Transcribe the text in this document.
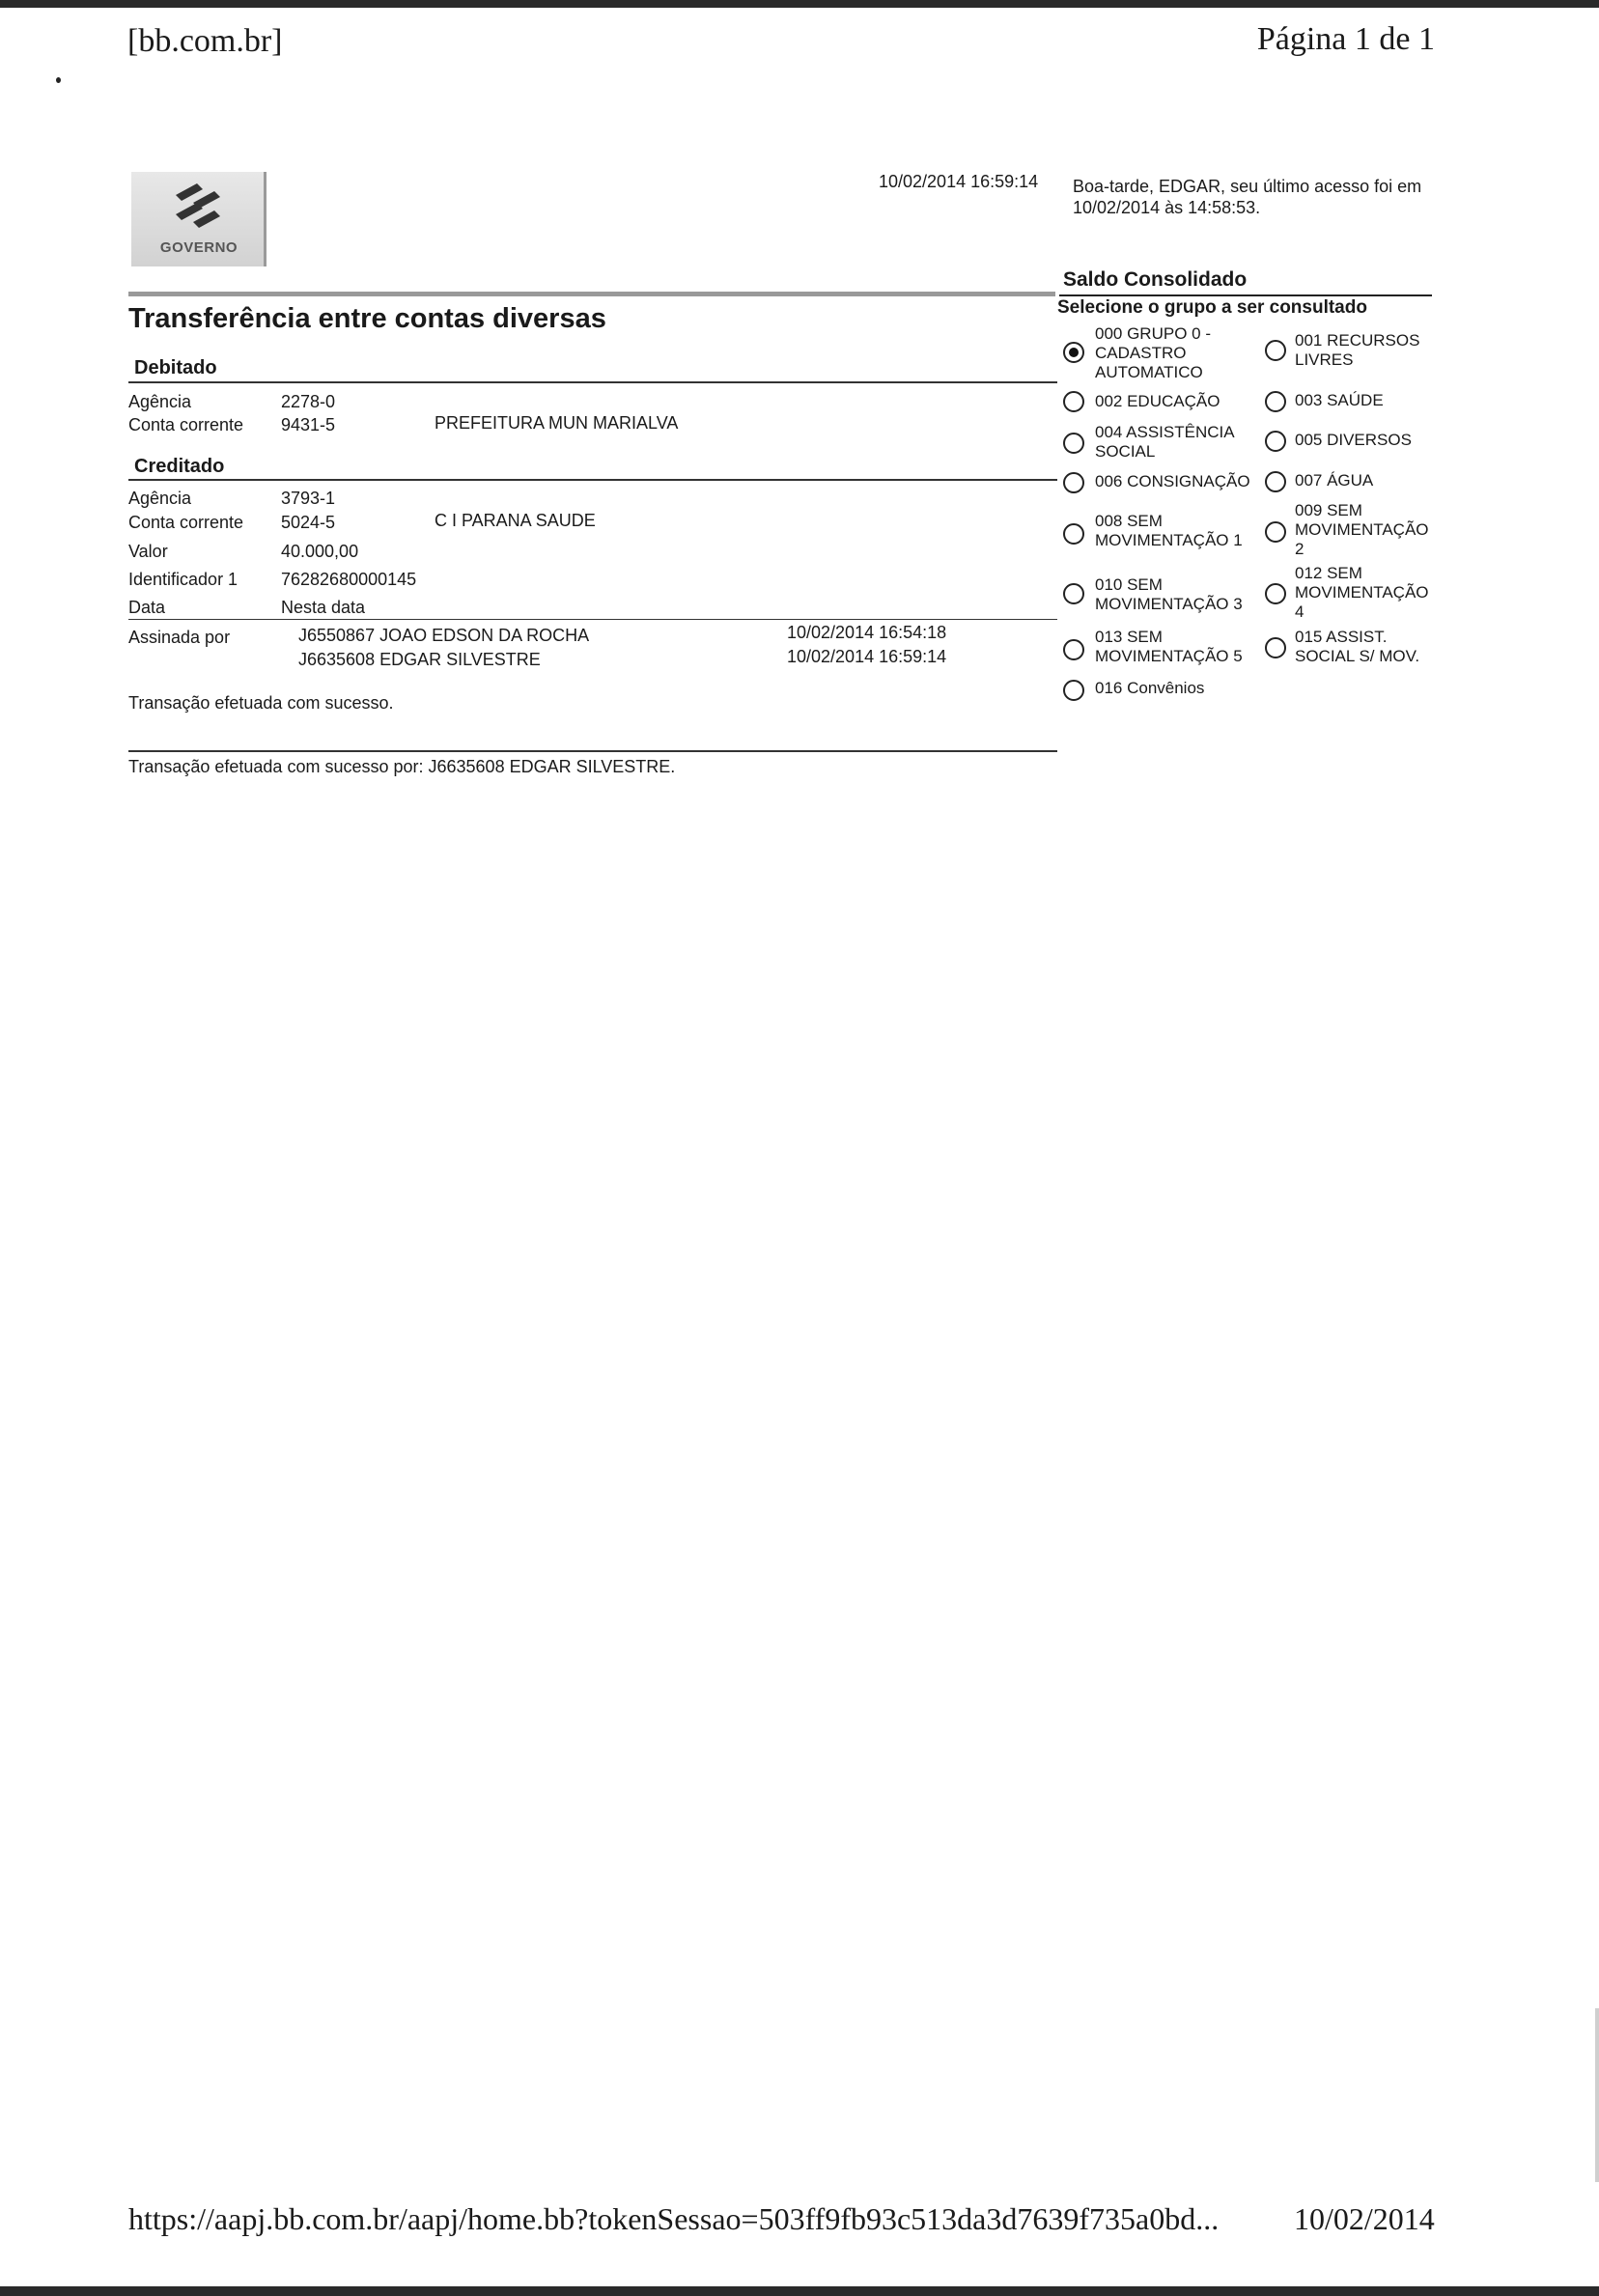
[bb.com.br]	Página 1 de 1
GOVERNO
10/02/2014 16:59:14 Boa-tarde, EDGAR, seu último acesso foi em 10/02/2014 às 14:58:53.
Saldo Consolidado
Selecione o grupo a ser consultado
Transferência entre contas diversas
Debitado
Agência	2278-0
Conta corrente 9431-5	PREFEITURA MUN MARIALVA
Creditado
Agência	3793-1
Conta corrente 5024-5	C I PARANA SAUDE
Valor	40.000,00
Identificador 1 76282680000145
Data	Nesta data
Assinada por	J6550867 JOAO EDSON DA ROCHA	10/02/2014 16:54:18
J6635608 EDGAR SILVESTRE	10/02/2014 16:59:14
Transação efetuada com sucesso.
Transação efetuada com sucesso por: J6635608 EDGAR SILVESTRE.
000 GRUPO 0 -
CADASTRO
AUTOMATICO
001 RECURSOS
LIVRES
002 EDUCAÇÃO	003 SAÚDE
004 ASSISTÊNCIA
SOCIAL
005 DIVERSOS
006 CONSIGNAÇÃO	007 ÁGUA
008 SEM
MOVIMENTAÇÃO 1
009 SEM
MOVIMENTAÇÃO
2
010 SEM
MOVIMENTAÇÃO 3
012 SEM
MOVIMENTAÇÃO
4
013 SEM
MOVIMENTAÇÃO 5
015 ASSIST.
SOCIAL S/ MOV.
016 Convênios
https://aapj.bb.com.br/aapj/home.bb?tokenSessao=503ff9fb93c513da3d7639f735a0bd... 10/02/2014
